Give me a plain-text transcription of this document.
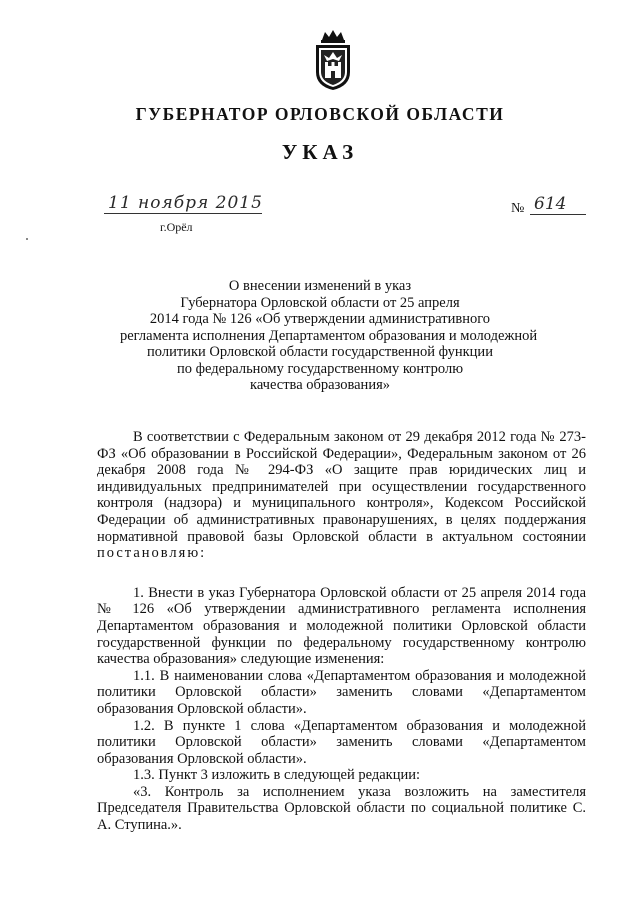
ГУБЕРНАТОР ОРЛОВСКОЙ ОБЛАСТИ
УКАЗ
11 ноября 2015
г.Орёл
№ 614
О внесении изменений в указ
Губернатора Орловской области от 25 апреля
2014 года № 126 «Об утверждении административного
регламента исполнения Департаментом образования и молодежной
политики Орловской области государственной функции
по федеральному государственному контролю
качества образования»

В соответствии с Федеральным законом от 29 декабря 2012 года № 273-ФЗ «Об образовании в Российской Федерации», Федеральным законом от 26 декабря 2008 года № 294-ФЗ «О защите прав юридических лиц и индивидуальных предпринимателей при осуществлении государственного контроля (надзора) и муниципального контроля», Кодексом Российской Федерации об административных правонарушениях, в целях поддержания нормативной правовой базы Орловской области в актуальном состоянии постановляю:

1. Внести в указ Губернатора Орловской области от 25 апреля 2014 года № 126 «Об утверждении административного регламента исполнения Департаментом образования и молодежной политики Орловской области государственной функции по федеральному государственному контролю качества образования» следующие изменения:

1.1. В наименовании слова «Департаментом образования и молодежной политики Орловской области» заменить словами «Департаментом образования Орловской области».

1.2. В пункте 1 слова «Департаментом образования и молодежной политики Орловской области» заменить словами «Департаментом образования Орловской области».

1.3. Пункт 3 изложить в следующей редакции:

«3. Контроль за исполнением указа возложить на заместителя Председателя Правительства Орловской области по социальной политике С. А. Ступина.».
